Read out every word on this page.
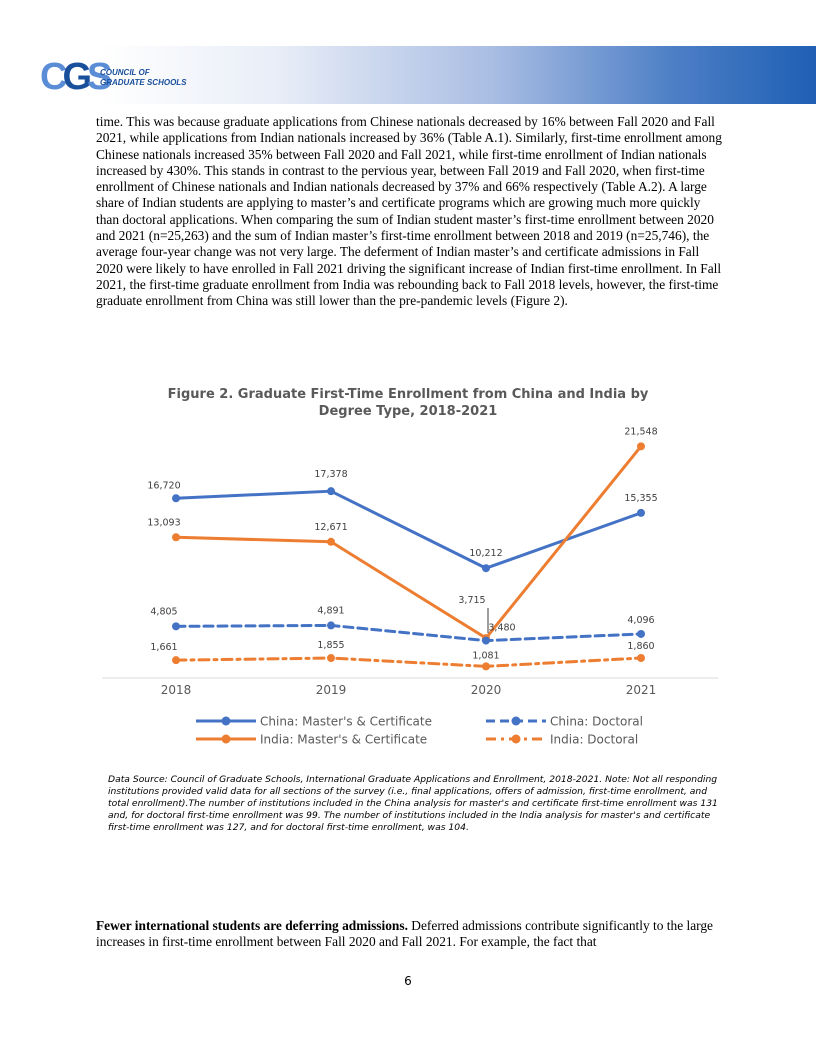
CGS
COUNCIL OF
GRADUATE SCHOOLS

time. This was because graduate applications from Chinese nationals decreased by 16% between Fall 2020 and Fall 2021, while applications from Indian nationals increased by 36% (Table A.1). Similarly, first-time enrollment among Chinese nationals increased 35% between Fall 2020 and Fall 2021, while first-time enrollment of Indian nationals increased by 430%. This stands in contrast to the pervious year, between Fall 2019 and Fall 2020, when first-time enrollment of Chinese nationals and Indian nationals decreased by 37% and 66% respectively (Table A.2). A large share of Indian students are applying to master’s and certificate programs which are growing much more quickly than doctoral applications. When comparing the sum of Indian student master’s first-time enrollment between 2020 and 2021 (n=25,263) and the sum of Indian master’s first-time enrollment between 2018 and 2019 (n=25,746), the average four-year change was not very large. The deferment of Indian master’s and certificate admissions in Fall 2020 were likely to have enrolled in Fall 2021 driving the significant increase of Indian first-time enrollment. In Fall 2021, the first-time graduate enrollment from India was rebounding back to Fall 2018 levels, however, the first-time graduate enrollment from China was still lower than the pre-pandemic levels (Figure 2).

Figure 2. Graduate First-Time Enrollment from China and India by Degree Type, 2018-2021
2018	2019	2020	2021
16,720
17,378
10,212
15,355
13,093	12,671
3,715
21,548
4,805	4,891
3,480
4,096
1,661	1,855
1,081
1,860
China: Master's & Certificate
India: Master's & Certificate
China: Doctoral
India: Doctoral
Data Source: Council of Graduate Schools, International Graduate Applications and Enrollment, 2018-2021. Note: Not all responding institutions provided valid data for all sections of the survey (i.e., final applications, offers of admission, first-time enrollment, and total enrollment).The number of institutions included in the China analysis for master's and certificate first-time enrollment was 131 and, for doctoral first-time enrollment was 99. The number of institutions included in the India analysis for master's and certificate first-time enrollment was 127, and for doctoral first-time enrollment, was 104.
Fewer international students are deferring admissions. Deferred admissions contribute significantly to the large increases in first-time enrollment between Fall 2020 and Fall 2021. For example, the fact that
6
